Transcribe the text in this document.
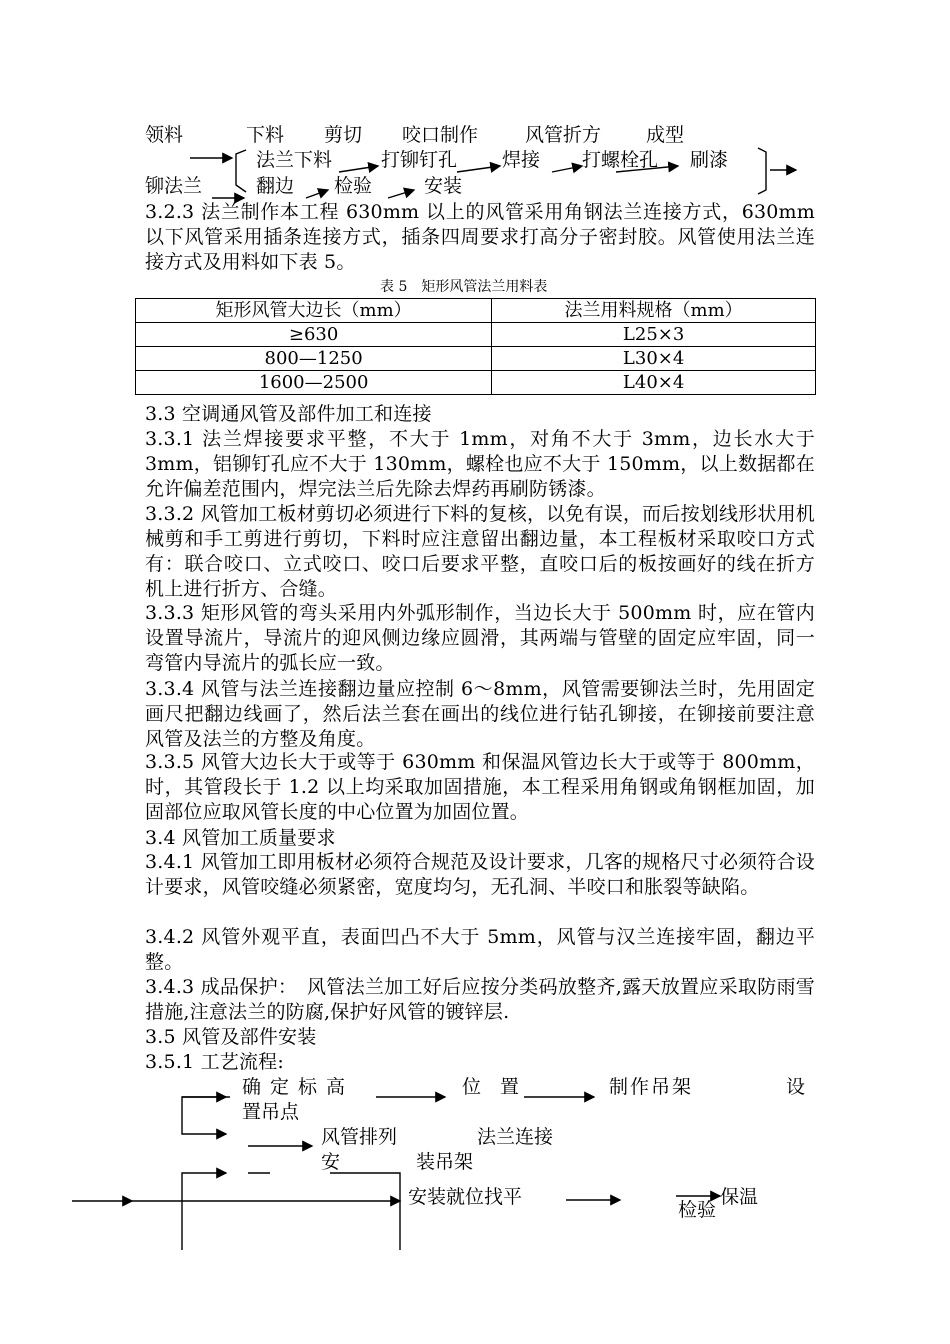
领料	下料 剪切 咬口制作 风管折方 成型
法兰下料	打铆钉孔 焊接 打螺栓孔 刷漆
铆法兰	翻边 检验	安装
3.2.3 法兰制作本工程 630mm 以上的风管采用角钢法兰连接方式，630mm 以下风管采用插条连接方式，插条四周要求打高分子密封胶。风管使用法兰连接方式及用料如下表 5。
表 5　矩形风管法兰用料表
矩形风管大边长（mm）	法兰用料规格（mm）
≥630	L25×3
800—1250	L30×4
1600—2500	L40×4
3.3 空调通风管及部件加工和连接
3.3.1 法兰焊接要求平整，不大于 1mm，对角不大于 3mm，边长水大于 3mm，铝铆钉孔应不大于 130mm，螺栓也应不大于 150mm，以上数据都在允许偏差范围内，焊完法兰后先除去焊药再刷防锈漆。
3.3.2 风管加工板材剪切必须进行下料的复核，以免有误，而后按划线形状用机械剪和手工剪进行剪切，下料时应注意留出翻边量，本工程板材采取咬口方式有：联合咬口、立式咬口、咬口后要求平整，直咬口后的板按画好的线在折方机上进行折方、合缝。
3.3.3 矩形风管的弯头采用内外弧形制作，当边长大于 500mm 时，应在管内设置导流片，导流片的迎风侧边缘应圆滑，其两端与管壁的固定应牢固，同一弯管内导流片的弧长应一致。
3.3.4 风管与法兰连接翻边量应控制 6～8mm，风管需要铆法兰时，先用固定画尺把翻边线画了，然后法兰套在画出的线位进行钻孔铆接，在铆接前要注意风管及法兰的方整及角度。
3.3.5 风管大边长大于或等于 630mm 和保温风管边长大于或等于 800mm，时，其管段长于 1.2 以上均采取加固措施，本工程采用角钢或角钢框加固，加固部位应取风管长度的中心位置为加固位置。
3.4 风管加工质量要求
3.4.1 风管加工即用板材必须符合规范及设计要求，几客的规格尺寸必须符合设计要求，风管咬缝必须紧密，宽度均匀，无孔洞、半咬口和胀裂等缺陷。
3.4.2 风管外观平直，表面凹凸不大于 5mm，风管与汉兰连接牢固，翻边平整。
3.4.3 成品保护：　风管法兰加工好后应按分类码放整齐,露天放置应采取防雨雪措施,注意法兰的防腐,保护好风管的镀锌层.
3.5 风管及部件安装
3.5.1 工艺流程:
确定标高	位　置	制作吊架	设
置吊点
风管排列	法兰连接
安	装吊架
安装就位找平	保温
检验
